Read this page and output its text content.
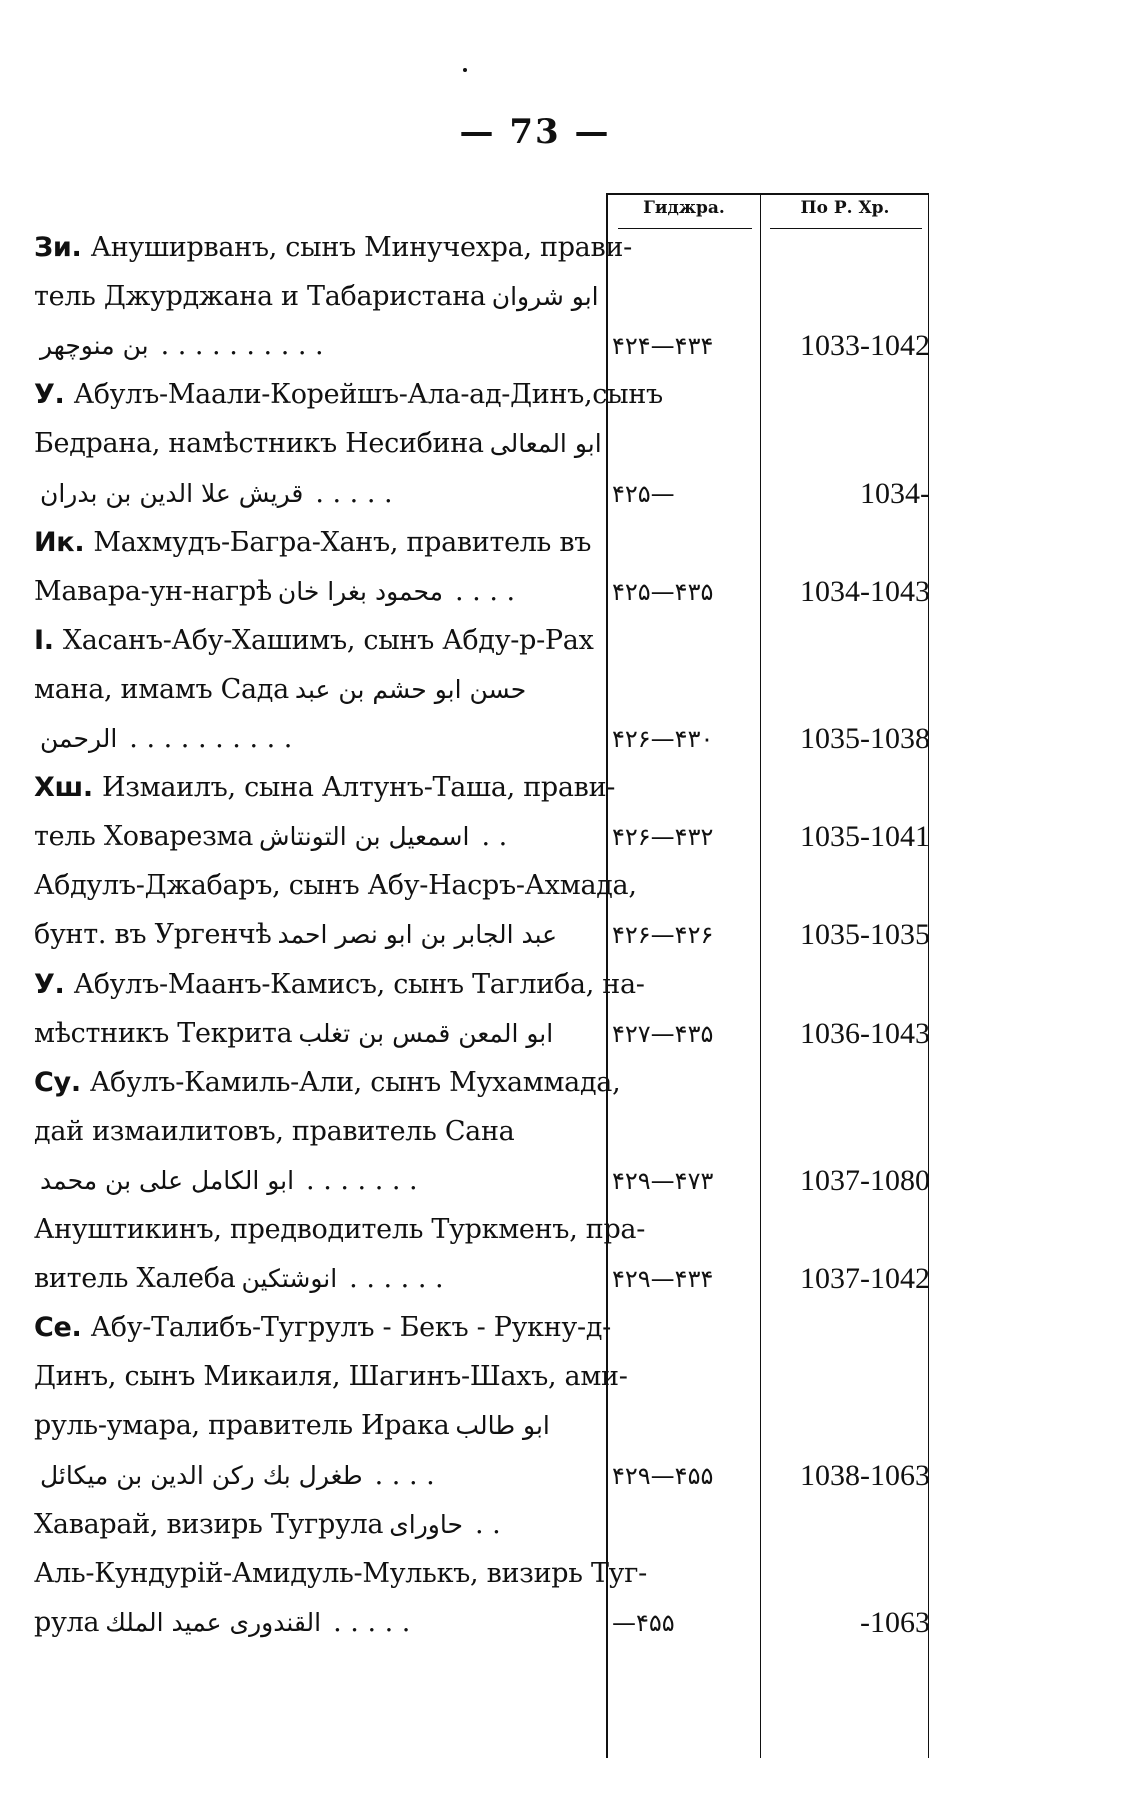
— 73 —
Гиджра.	По Р. Хр.
Зи. Ануширванъ, сынъ Минучехра, прави-
тель Джурджана и Табаристана ابو شروان
بن منوچهر . . . . . . . . . .	۴۲۴—۴۳۴	1033-1042
У. Абулъ-Маали-Корейшъ-Ала-ад-Динъ,сынъ
Бедрана, намѣстникъ Несибина ابو المعالى
قريش علا الدين بن بدران . . . . .	۴۲۵—	1034-
Ик. Махмудъ-Багра-Ханъ, правитель въ
Мавара-ун-нагрѣ محمود بغرا خان . . . .	۴۲۵—۴۳۵	1034-1043
I. Хасанъ-Абу-Хашимъ, сынъ Абду-р-Рах
мана, имамъ Сада حسن ابو حشم بن عبد
الرحمن . . . . . . . . . .	۴۲۶—۴۳۰	1035-1038
Хш. Измаилъ, сына Алтунъ-Таша, прави-
тель Ховарезма اسمعيل بن التونتاش . .	۴۲۶—۴۳۲	1035-1041
Абдулъ-Джабаръ, сынъ Абу-Насръ-Ахмада,
бунт. въ Ургенчѣ عبد الجابر بن ابو نصر احمد	۴۲۶—۴۲۶	1035-1035
У. Абулъ-Маанъ-Камисъ, сынъ Таглиба, на-
мѣстникъ Текрита ابو المعن قمس بن تغلب	۴۲۷—۴۳۵	1036-1043
Су. Абулъ-Камиль-Али, сынъ Мухаммада,
дай измаилитовъ, правитель Сана
ابو الكامل على بن محمد . . . . . . .	۴۲۹—۴۷۳	1037-1080
Ануштикинъ, предводитель Туркменъ, пра-
витель Халеба انوشتكين . . . . . .	۴۲۹—۴۳۴	1037-1042
Се. Абу-Талибъ-Тугрулъ - Бекъ - Рукну-д-
Динъ, сынъ Микаиля, Шагинъ-Шахъ, ами-
руль-умара, правитель Ирака ابو طالب
طغرل بك ركن الدين بن ميكائل . . . .	۴۲۹—۴۵۵	1038-1063
Хаварай, визирь Тугрула حاوراى . .
Аль-Кундурій-Амидуль-Мулькъ, визирь Туг-
рула القندورى عميد الملك . . . . .	—۴۵۵	-1063
